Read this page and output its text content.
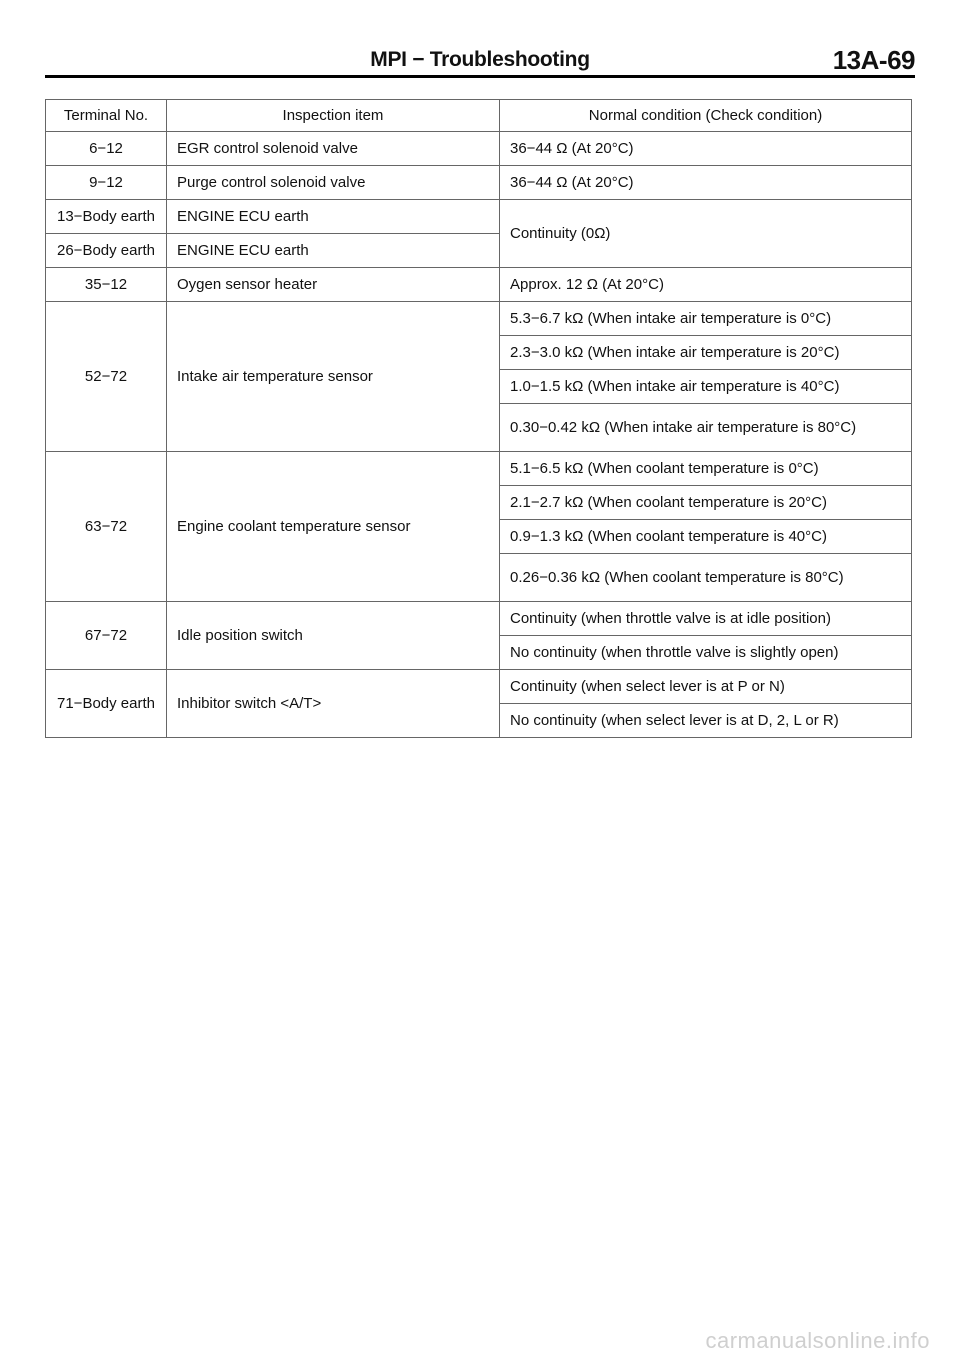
MPI − Troubleshooting	13A-69
Terminal No.	Inspection item	Normal condition (Check condition)
6−12	EGR control solenoid valve	36−44 Ω (At 20°C)
9−12	Purge control solenoid valve	36−44 Ω (At 20°C)
13−Body earth	ENGINE ECU earth	Continuity (0Ω)
26−Body earth	ENGINE ECU earth	
35−12	Oygen sensor heater	Approx. 12 Ω (At 20°C)
52−72	Intake air temperature sensor	5.3−6.7 kΩ (When intake air temperature is 0°C)
		2.3−3.0 kΩ (When intake air temperature is 20°C)
		1.0−1.5 kΩ (When intake air temperature is 40°C)
		0.30−0.42 kΩ (When intake air temperature is 80°C)
63−72	Engine coolant temperature sensor	5.1−6.5 kΩ (When coolant temperature is 0°C)
		2.1−2.7 kΩ (When coolant temperature is 20°C)
		0.9−1.3 kΩ (When coolant temperature is 40°C)
		0.26−0.36 kΩ (When coolant temperature is 80°C)
67−72	Idle position switch	Continuity (when throttle valve is at idle position)
		No continuity (when throttle valve is slightly open)
71−Body earth	Inhibitor switch <A/T>	Continuity (when select lever is at P or N)
		No continuity (when select lever is at D, 2, L or R)
carmanualsonline.info
